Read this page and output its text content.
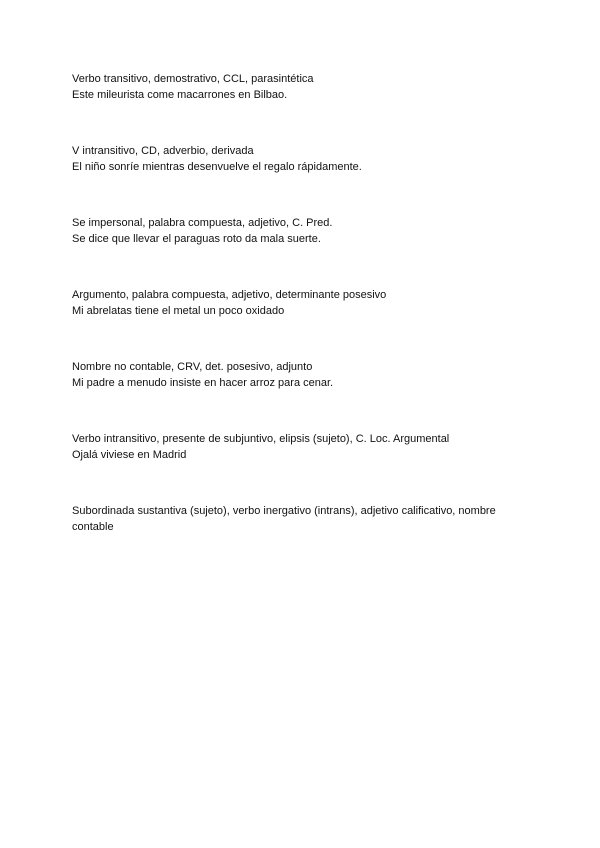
Verbo transitivo, demostrativo, CCL, parasintética
Este mileurista come macarrones en Bilbao.
V intransitivo, CD, adverbio, derivada
El niño sonríe mientras desenvuelve el regalo rápidamente.
Se impersonal, palabra compuesta, adjetivo, C. Pred.
Se dice que llevar el paraguas roto da mala suerte.
Argumento, palabra compuesta, adjetivo, determinante posesivo
Mi abrelatas tiene el metal un poco oxidado
Nombre no contable, CRV, det. posesivo, adjunto
Mi padre a menudo insiste en hacer arroz para cenar.
Verbo intransitivo, presente de subjuntivo, elipsis (sujeto), C. Loc. Argumental
Ojalá viviese en Madrid
Subordinada sustantiva (sujeto), verbo inergativo (intrans), adjetivo calificativo, nombre contable
